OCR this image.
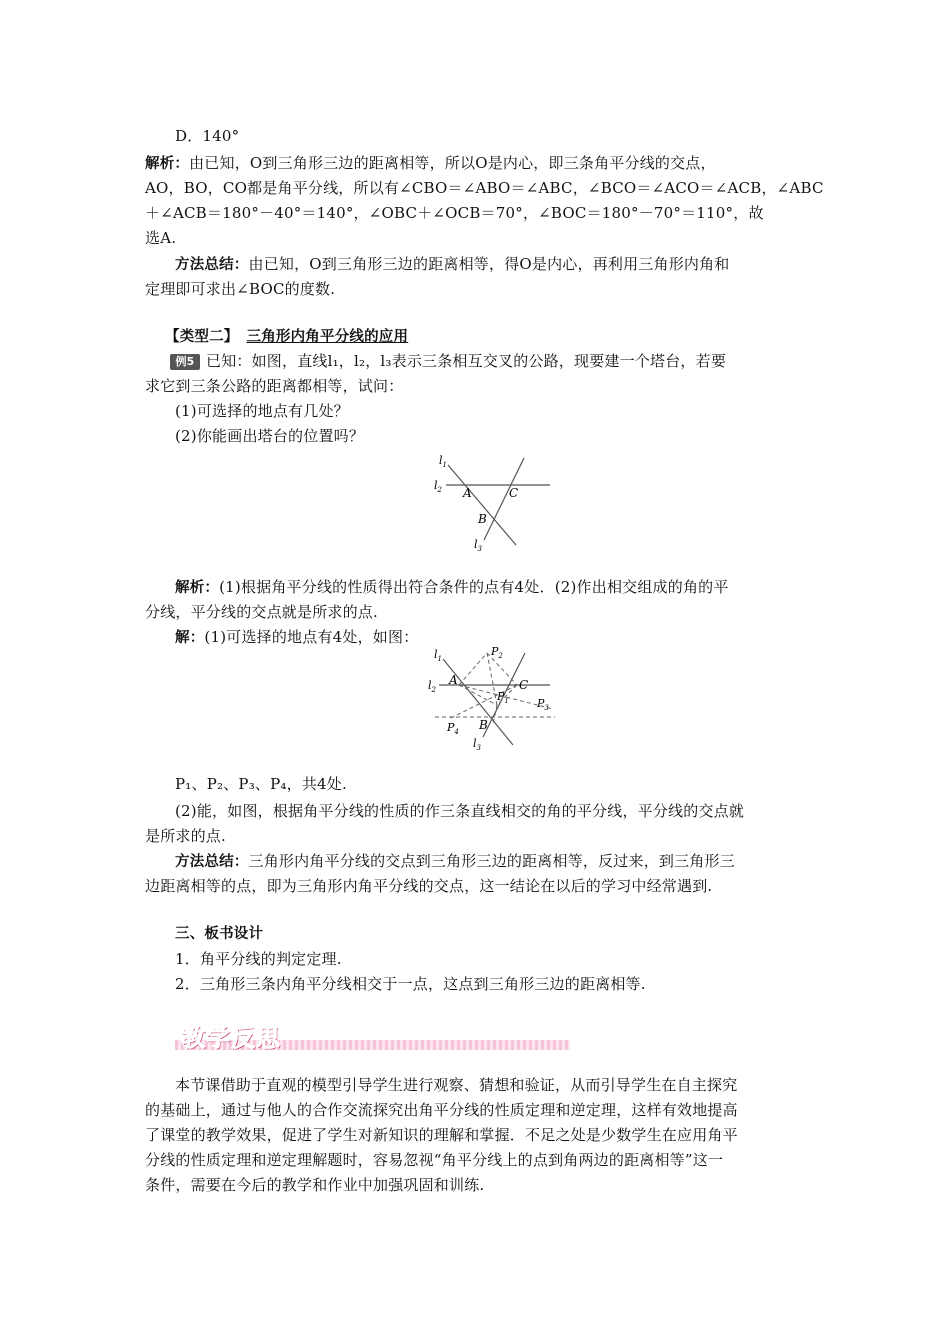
D．140°
解析：由已知，O到三角形三边的距离相等，所以O是内心，即三条角平分线的交点，
AO，BO，CO都是角平分线，所以有∠CBO＝∠ABO＝∠ABC，∠BCO＝∠ACO＝∠ACB，∠ABC
＋∠ACB＝180°－40°＝140°，∠OBC＋∠OCB＝70°，∠BOC＝180°－70°＝110°，故
选A.
方法总结：由已知，O到三角形三边的距离相等，得O是内心，再利用三角形内角和
定理即可求出∠BOC的度数.
【类型二】 三角形内角平分线的应用
例5 已知：如图，直线l₁，l₂，l₃表示三条相互交叉的公路，现要建一个塔台，若要
求它到三条公路的距离都相等，试问：
(1)可选择的地点有几处？
(2)你能画出塔台的位置吗？
$l_1$
$l_2$
$l_3$
A	C
B
解析：(1)根据角平分线的性质得出符合条件的点有4处．(2)作出相交组成的角的平
分线，平分线的交点就是所求的点.
解：(1)可选择的地点有4处，如图：
$l_1$
$l_2$
$l_3$
A	C
B
$P_2$
$P_1$	$P_3$
$P_4$
P₁、P₂、P₃、P₄，共4处.
(2)能，如图，根据角平分线的性质的作三条直线相交的角的平分线，平分线的交点就
是所求的点.
方法总结：三角形内角平分线的交点到三角形三边的距离相等，反过来，到三角形三
边距离相等的点，即为三角形内角平分线的交点，这一结论在以后的学习中经常遇到.
三、板书设计
1．角平分线的判定定理.
2．三角形三条内角平分线相交于一点，这点到三角形三边的距离相等.
教学反思
本节课借助于直观的模型引导学生进行观察、猜想和验证，从而引导学生在自主探究
的基础上，通过与他人的合作交流探究出角平分线的性质定理和逆定理，这样有效地提高
了课堂的教学效果，促进了学生对新知识的理解和掌握．不足之处是少数学生在应用角平
分线的性质定理和逆定理解题时，容易忽视“角平分线上的点到角两边的距离相等”这一
条件，需要在今后的教学和作业中加强巩固和训练.
